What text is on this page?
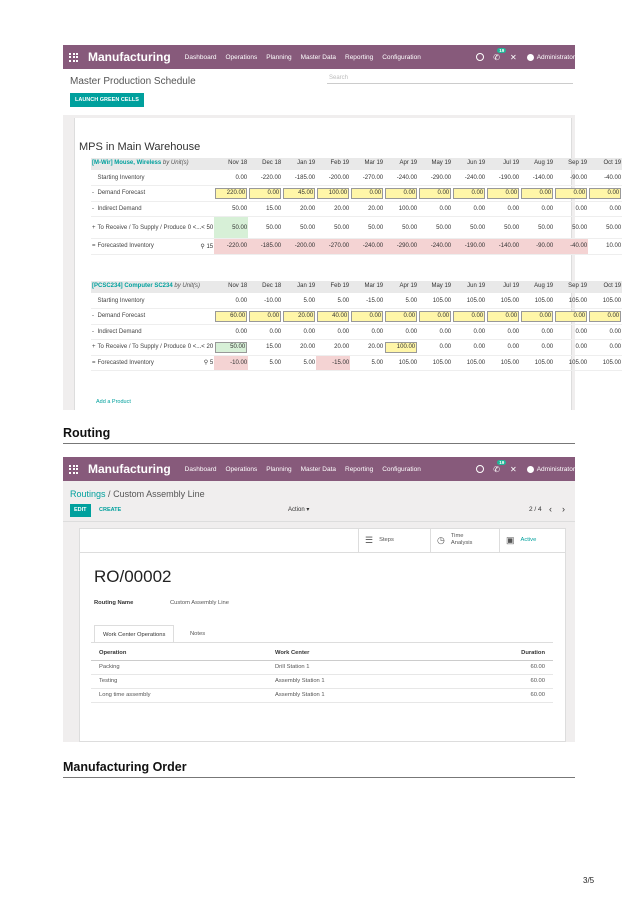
Manufacturing Dashboard Operations Planning Master Data Reporting Configuration	✆
19
✕	Administrator
Master Production Schedule	Search
LAUNCH GREEN CELLS
MPS in Main Warehouse
[M-Wir] Mouse, Wireless by Unit(s)			Nov 18	Dec 18	Jan 19	Feb 19	Mar 19	Apr 19	May 19	Jun 19	Jul 19	Aug 19	Sep 19	Oct 19
	Starting Inventory		0.00	-220.00	-185.00	-200.00	-270.00	-240.00	-290.00	-240.00	-190.00	-140.00	-90.00	-40.00
-	Demand Forecast		220.00	0.00	45.00	100.00	0.00	0.00	0.00	0.00	0.00	0.00	0.00	0.00
-	Indirect Demand		50.00	15.00	20.00	20.00	20.00	100.00	0.00	0.00	0.00	0.00	0.00	0.00
+	To Receive / To Supply / Produce	0 <...< 50	50.00	50.00	50.00	50.00	50.00	50.00	50.00	50.00	50.00	50.00	50.00	50.00
=	Forecasted Inventory	⚲ 15	-220.00	-185.00	-200.00	-270.00	-240.00	-290.00	-240.00	-190.00	-140.00	-90.00	-40.00	10.00
[PCSC234] Computer SC234 by Unit(s)			Nov 18	Dec 18	Jan 19	Feb 19	Mar 19	Apr 19	May 19	Jun 19	Jul 19	Aug 19	Sep 19	Oct 19
	Starting Inventory		0.00	-10.00	5.00	5.00	-15.00	5.00	105.00	105.00	105.00	105.00	105.00	105.00
-	Demand Forecast		60.00	0.00	20.00	40.00	0.00	0.00	0.00	0.00	0.00	0.00	0.00	0.00
-	Indirect Demand		0.00	0.00	0.00	0.00	0.00	0.00	0.00	0.00	0.00	0.00	0.00	0.00
+	To Receive / To Supply / Produce	0 <...< 20	50.00	15.00	20.00	20.00	20.00	100.00	0.00	0.00	0.00	0.00	0.00	0.00
=	Forecasted Inventory	⚲ 5	-10.00	5.00	5.00	-15.00	5.00	105.00	105.00	105.00	105.00	105.00	105.00	105.00
Add a Product
Routing
Manufacturing Dashboard Operations Planning Master Data Reporting Configuration	✆
19
✕	Administrator
Routings / Custom Assembly Line
EDIT	CREATE	Action ▾	2 / 4 ‹ ›
☰ Steps	◷ Time
Analysis	▣ Active
RO/00002
Routing Name	Custom Assembly Line
Work Center Operations	Notes
Operation	Work Center	Duration
Packing	Drill Station 1	60.00
Testing	Assembly Station 1	60.00
Long time assembly	Assembly Station 1	60.00
Manufacturing Order
3/5
